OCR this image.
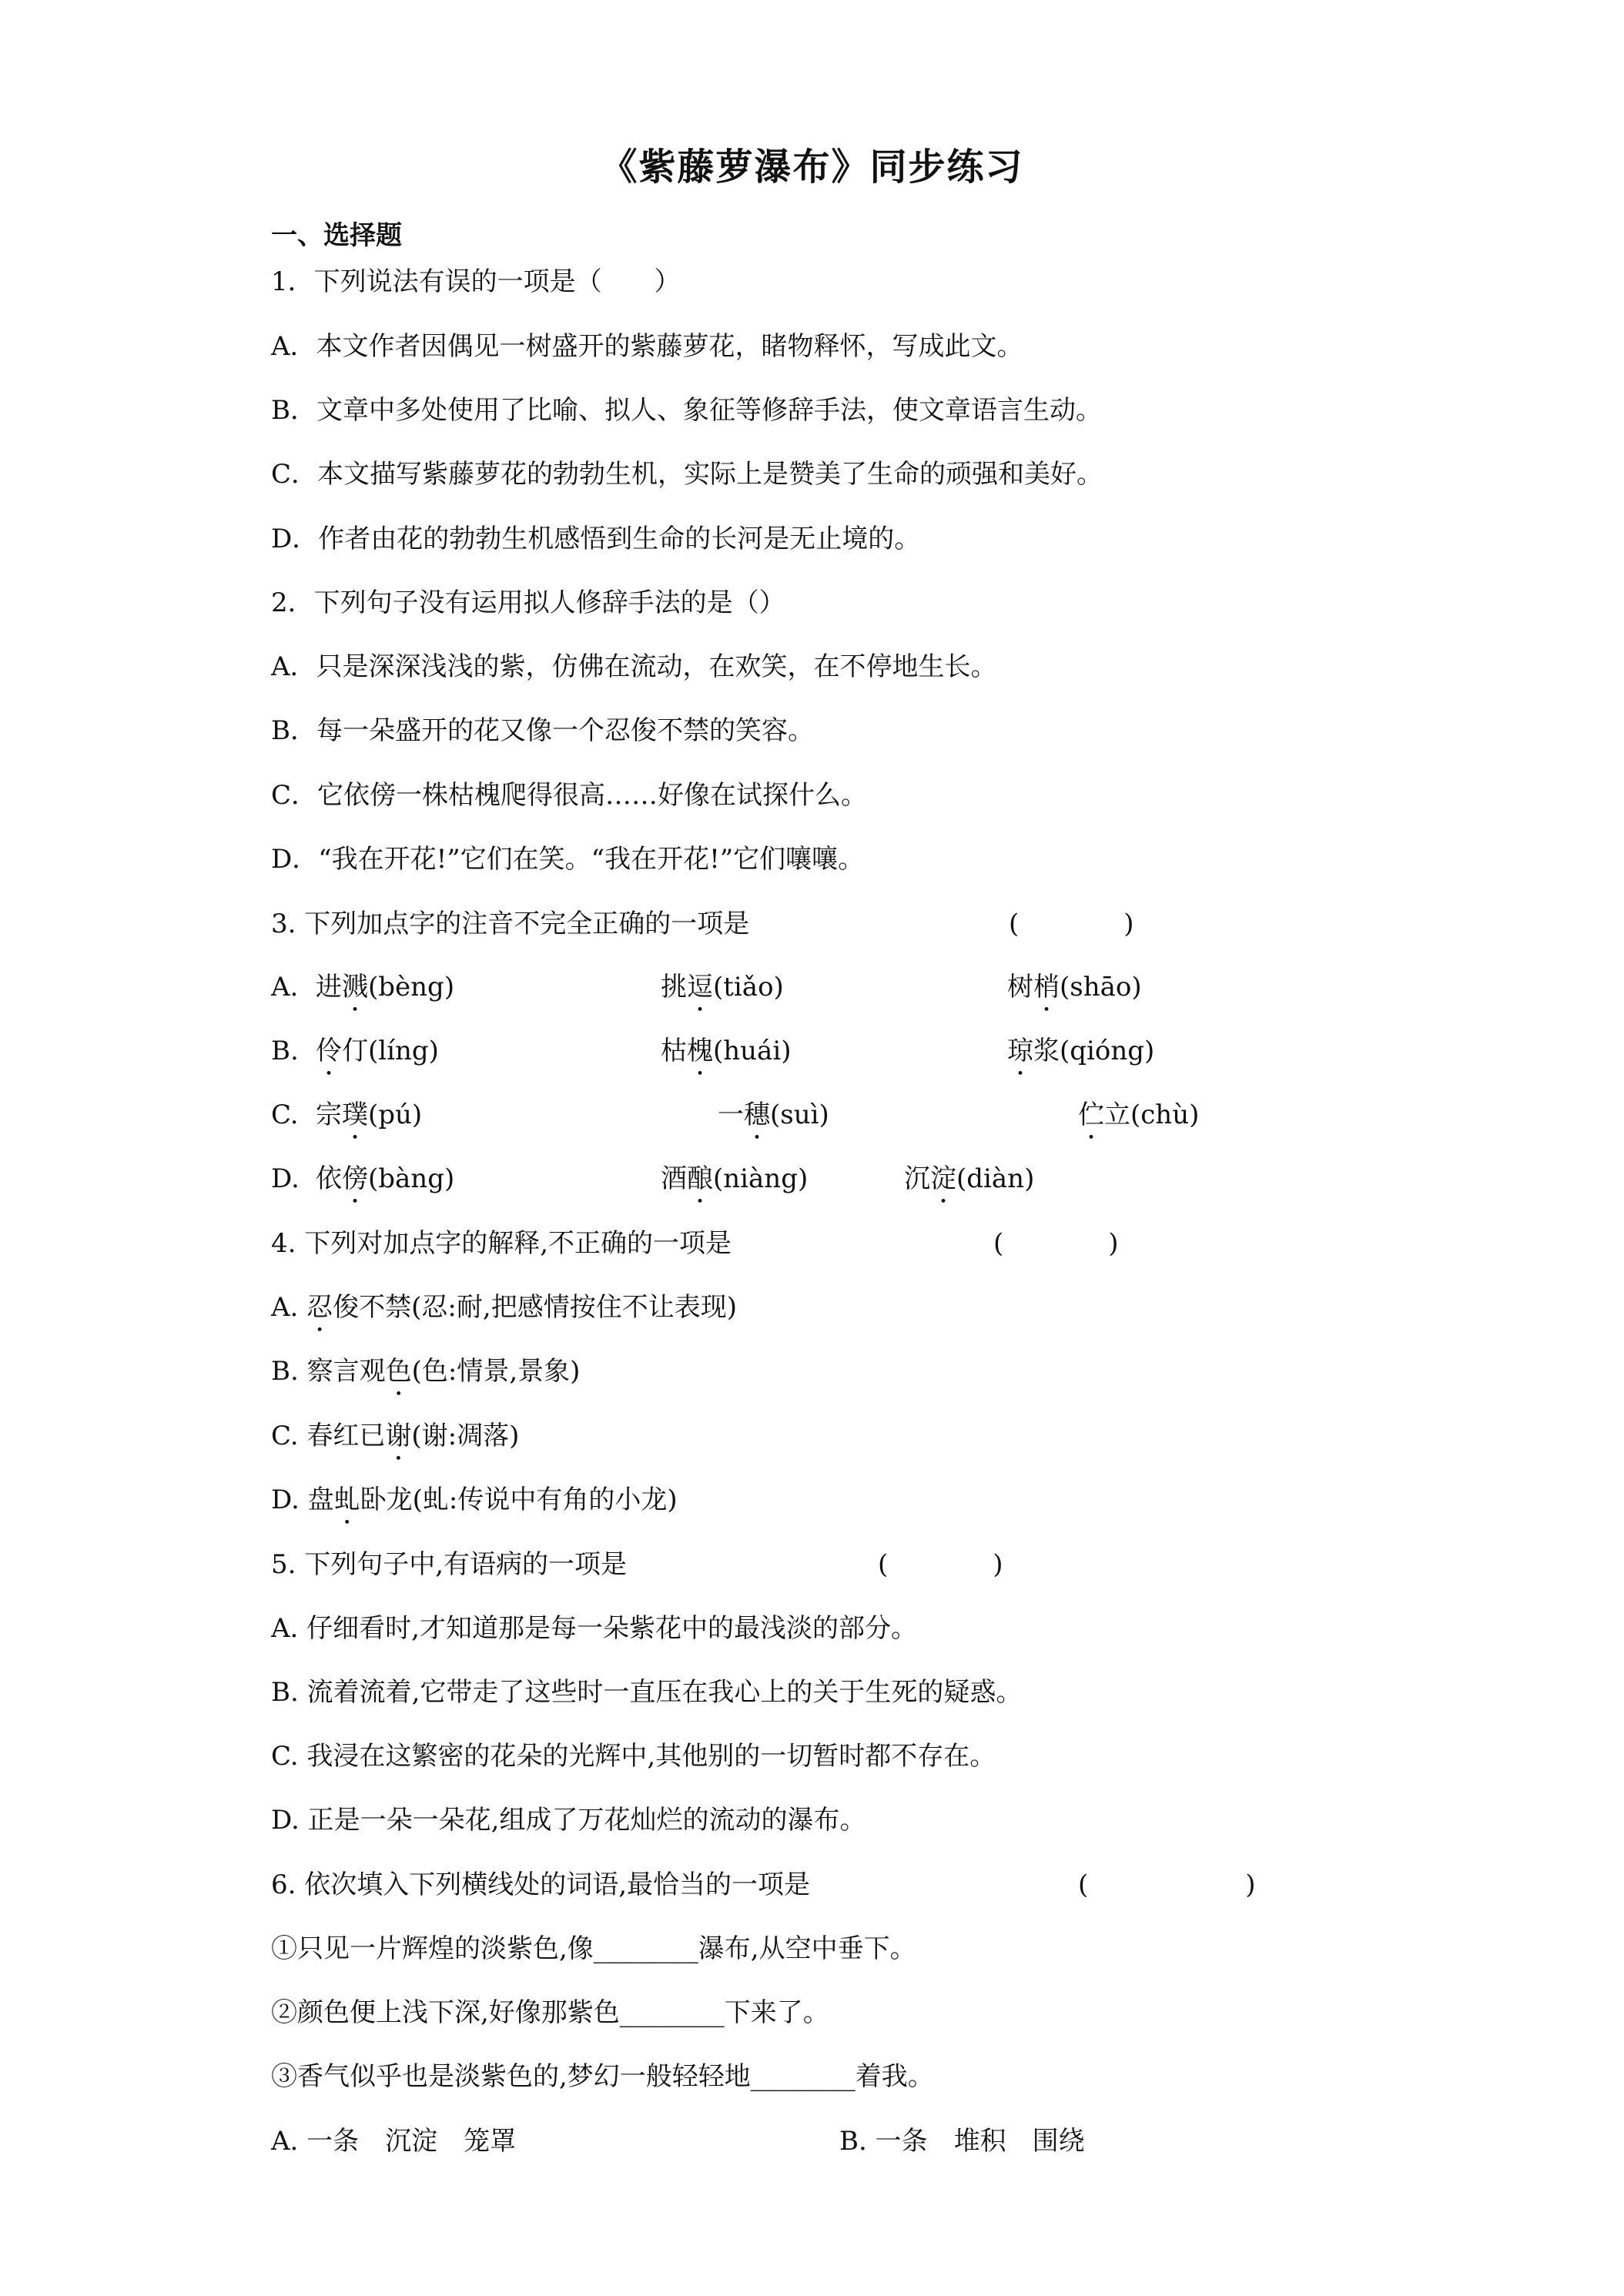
《紫藤萝瀑布》同步练习
一、选择题
1．下列说法有误的一项是（　　）
A．本文作者因偶见一树盛开的紫藤萝花，睹物释怀，写成此文。
B．文章中多处使用了比喻、拟人、象征等修辞手法，使文章语言生动。
C．本文描写紫藤萝花的勃勃生机，实际上是赞美了生命的顽强和美好。
D．作者由花的勃勃生机感悟到生命的长河是无止境的。
2．下列句子没有运用拟人修辞手法的是（）
A．只是深深浅浅的紫，仿佛在流动，在欢笑，在不停地生长。
B．每一朵盛开的花又像一个忍俊不禁的笑容。
C．它依傍一株枯槐爬得很高……好像在试探什么。
D．“我在开花!”它们在笑。“我在开花!”它们嚷嚷。
3. 下列加点字的注音不完全正确的一项是	(　　　　)
A. 进溅(bèng)	挑逗(tiǎo)	树梢(shāo)
B. 伶仃(líng)	枯槐(huái)	琼浆(qióng)
C. 宗璞(pú)	一穗(suì)	伫立(chù)
D. 依傍(bàng)	酒酿(niàng)	沉淀(diàn)
4. 下列对加点字的解释,不正确的一项是	(　　　　)
A. 忍俊不禁(忍:耐,把感情按住不让表现)
B. 察言观色(色:情景,景象)
C. 春红已谢(谢:凋落)
D. 盘虬卧龙(虬:传说中有角的小龙)
5. 下列句子中,有语病的一项是	(　　　　)
A. 仔细看时,才知道那是每一朵紫花中的最浅淡的部分。
B. 流着流着,它带走了这些时一直压在我心上的关于生死的疑惑。
C. 我浸在这繁密的花朵的光辉中,其他别的一切暂时都不存在。
D. 正是一朵一朵花,组成了万花灿烂的流动的瀑布。
6. 依次填入下列横线处的词语,最恰当的一项是	(　　　　　　)
①只见一片辉煌的淡紫色,像________瀑布,从空中垂下。
②颜色便上浅下深,好像那紫色________下来了。
③香气似乎也是淡紫色的,梦幻一般轻轻地________着我。
A. 一条　沉淀　笼罩	B. 一条　堆积　围绕
